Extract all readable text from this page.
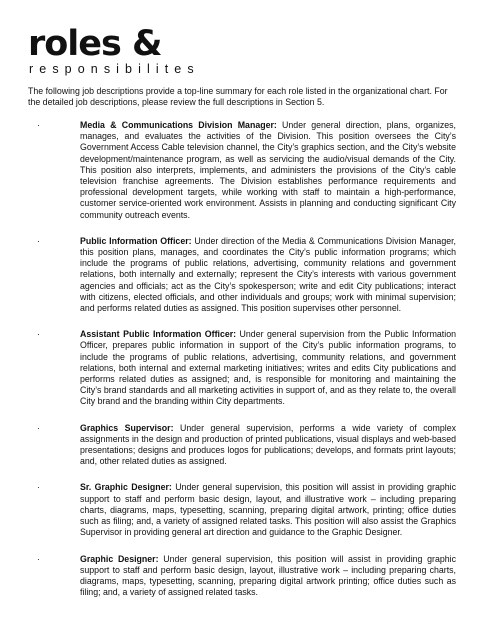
roles &
responsibilites

The following job descriptions provide a top-line summary for each role listed in the organizational chart. For the detailed job descriptions, please review the full descriptions in Section 5.

·	Media & Communications Division Manager: Under general direction, plans, organizes, manages, and evaluates the activities of the Division. This position oversees the City’s Government Access Cable television channel, the City’s graphics section, and the City’s website development/maintenance program, as well as servicing the audio/visual demands of the City. This position also interprets, implements, and administers the provisions of the City’s cable television franchise agreements. The Division establishes performance requirements and professional development targets, while working with staff to maintain a high-performance, customer service-oriented work environment. Assists in planning and conducting significant City community outreach events.
·	Public Information Officer: Under direction of the Media & Communications Division Manager, this position plans, manages, and coordinates the City’s public information programs; which include the programs of public relations, advertising, community relations and government relations, both internally and externally; represent the City’s interests with various government agencies and officials; act as the City’s spokesperson; write and edit City publications; interact with citizens, elected officials, and other individuals and groups; work with minimal supervision; and performs related duties as assigned. This position supervises other personnel.
·	Assistant Public Information Officer: Under general supervision from the Public Information Officer, prepares public information in support of the City’s public information programs, to include the programs of public relations, advertising, community relations, and government relations, both internal and external marketing initiatives; writes and edits City publications and performs related duties as assigned; and, is responsible for monitoring and maintaining the City’s brand standards and all marketing activities in support of, and as they relate to, the overall City brand and the branding within City departments.
·	Graphics Supervisor: Under general supervision, performs a wide variety of complex assignments in the design and production of printed publications, visual displays and web-based presentations; designs and produces logos for publications; develops, and formats print layouts; and, other related duties as assigned.
·	Sr. Graphic Designer: Under general supervision, this position will assist in providing graphic support to staff and perform basic design, layout, and illustrative work – including preparing charts, diagrams, maps, typesetting, scanning, preparing digital artwork, printing; office duties such as filing; and, a variety of assigned related tasks. This position will also assist the Graphics Supervisor in providing general art direction and guidance to the Graphic Designer.
·	Graphic Designer: Under general supervision, this position will assist in providing graphic support to staff and perform basic design, layout, illustrative work – including preparing charts, diagrams, maps, typesetting, scanning, preparing digital artwork printing; office duties such as filing; and, a variety of assigned related tasks.
